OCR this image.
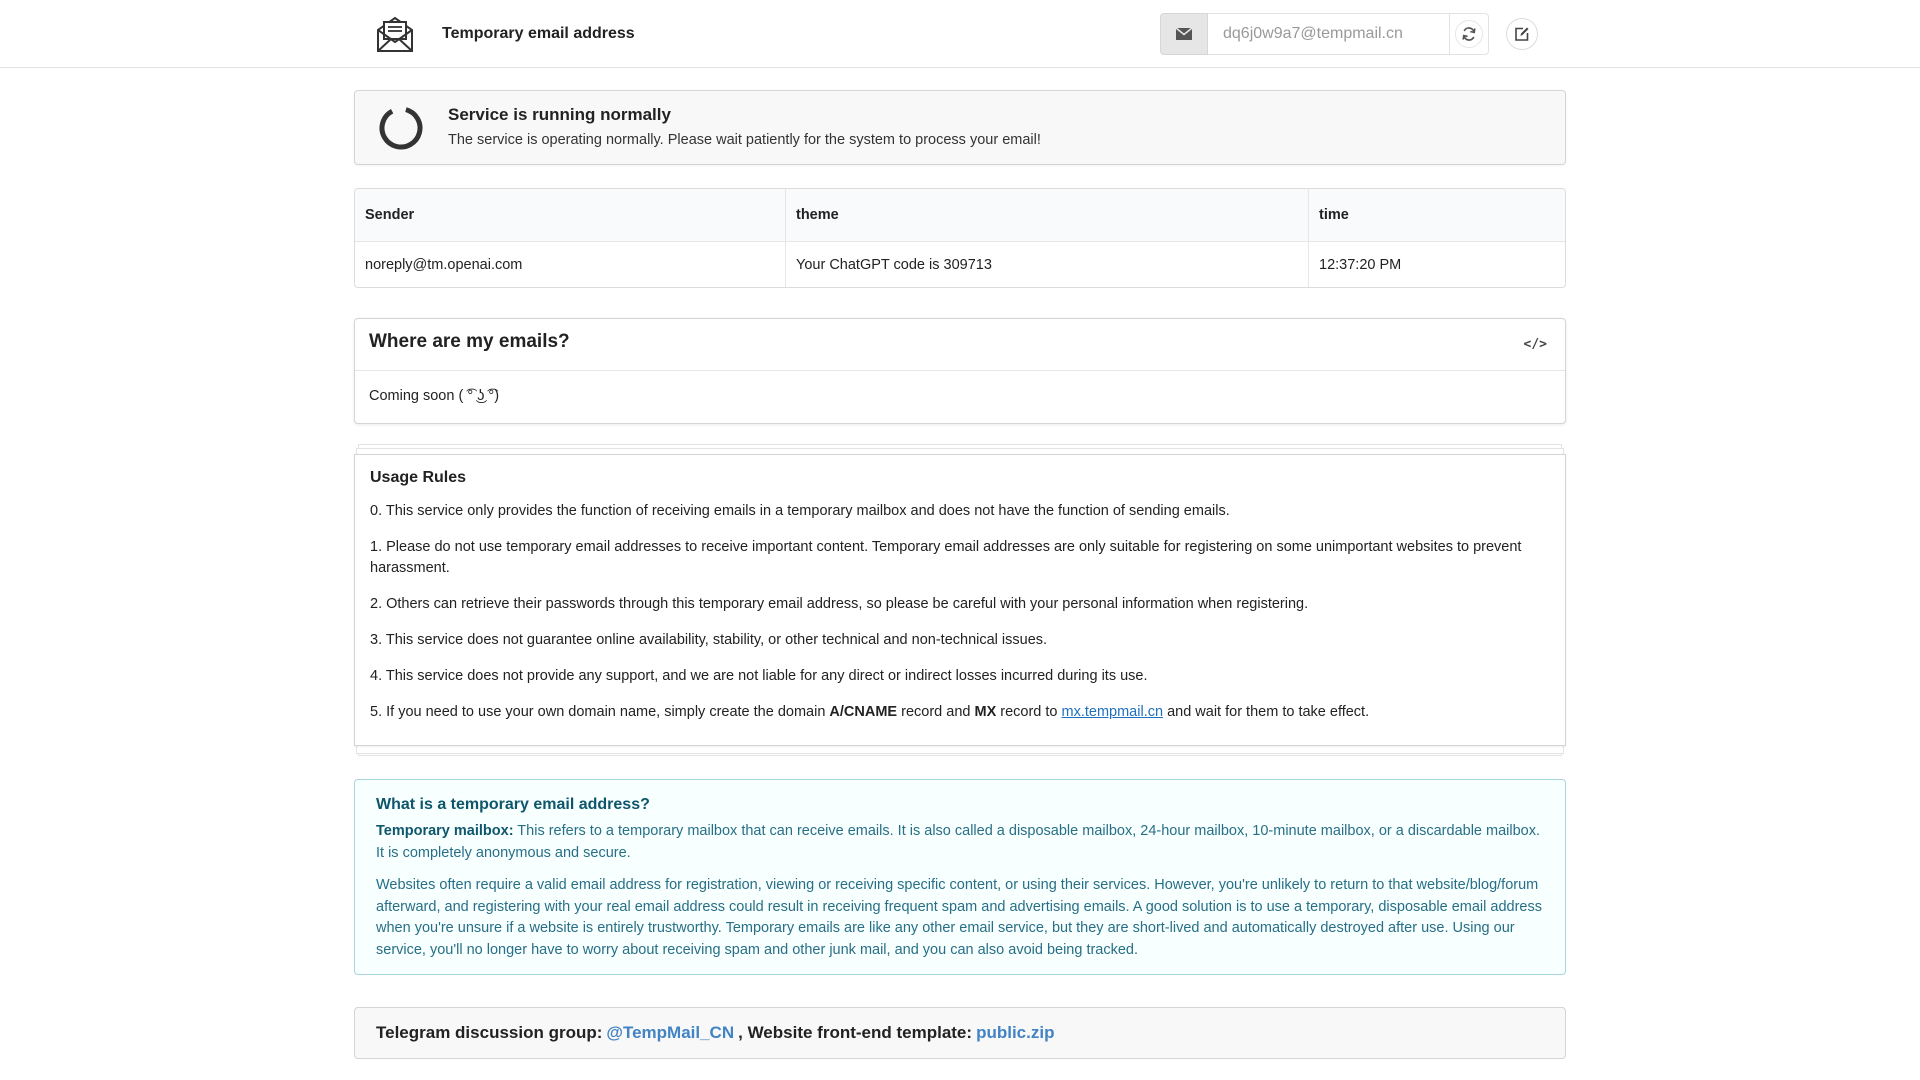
Temporary email address
dq6j0w9a7@tempmail.cn
Service is running normally
The service is operating normally. Please wait patiently for the system to process your email!
Sender	theme	time
noreply@tm.openai.com	Your ChatGPT code is 309713	12:37:20 PM
Where are my emails?	</>
Coming soon ( ͡° ͜ʖ ͡°)
Usage Rules

0. This service only provides the function of receiving emails in a temporary mailbox and does not have the function of sending emails.

1. Please do not use temporary email addresses to receive important content. Temporary email addresses are only suitable for registering on some unimportant websites to prevent harassment.

2. Others can retrieve their passwords through this temporary email address, so please be careful with your personal information when registering.

3. This service does not guarantee online availability, stability, or other technical and non-technical issues.

4. This service does not provide any support, and we are not liable for any direct or indirect losses incurred during its use.

5. If you need to use your own domain name, simply create the domain A/CNAME record and MX record to mx.tempmail.cn and wait for them to take effect.

What is a temporary email address?

Temporary mailbox: This refers to a temporary mailbox that can receive emails. It is also called a disposable mailbox, 24-hour mailbox, 10-minute mailbox, or a discardable mailbox. It is completely anonymous and secure.

Websites often require a valid email address for registration, viewing or receiving specific content, or using their services. However, you're unlikely to return to that website/blog/forum afterward, and registering with your real email address could result in receiving frequent spam and advertising emails. A good solution is to use a temporary, disposable email address when you're unsure if a website is entirely trustworthy. Temporary emails are like any other email service, but they are short-lived and automatically destroyed after use. Using our service, you'll no longer have to worry about receiving spam and other junk mail, and you can also avoid being tracked.

Telegram discussion group: @TempMail_CN , Website front-end template: public.zip
